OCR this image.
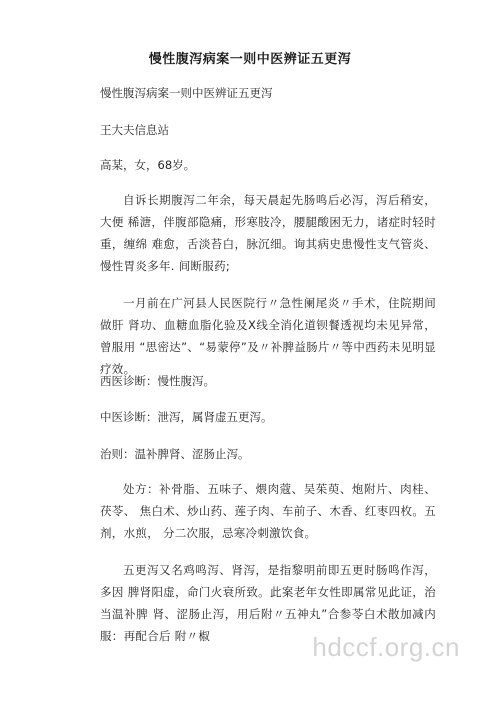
慢性腹泻病案一则中医辨证五更泻
慢性腹泻病案一则中医辨证五更泻
王大夫信息站
高某，女，68岁。
自诉长期腹泻二年余，每天晨起先肠鸣后必泻，泻后稍安，大便 稀溏，伴腹部隐痛，形寒肢冷，腰腿酸困无力，诸症时轻时重，缠绵 难愈，舌淡苔白，脉沉细。询其病史患慢性支气管炎、慢性胃炎多年. 间断服药;
一月前在广河县人民医院行〃急性阑尾炎〃手术，住院期间做肝 肾功、血糖血脂化验及X线全消化道钡餐透视均未见异常，曾服用 “思密达”、“易蒙停”及〃补脾益肠片〃等中西药未见明显疗效。
西医诊断：慢性腹泻。
中医诊断：泄泻，属肾虚五更泻。
治则：温补脾肾、涩肠止泻。
处方：补骨脂、五味子、煨肉蔻、吴茱萸、炮附片、肉桂、茯苓、 焦白术、炒山药、莲子肉、车前子、木香、红枣四枚。五剂，水煎， 分二次服，忌寒冷刺激饮食。
五更泻又名鸡鸣泻、肾泻，是指黎明前即五更时肠鸣作泻，多因 脾肾阳虚，命门火衰所致。此案老年女性即属常见此证，治当温补脾 肾、涩肠止泻，用后附〃五神丸”合参苓白术散加减内服：再配合后 附〃椒	hdccf.org.cn
